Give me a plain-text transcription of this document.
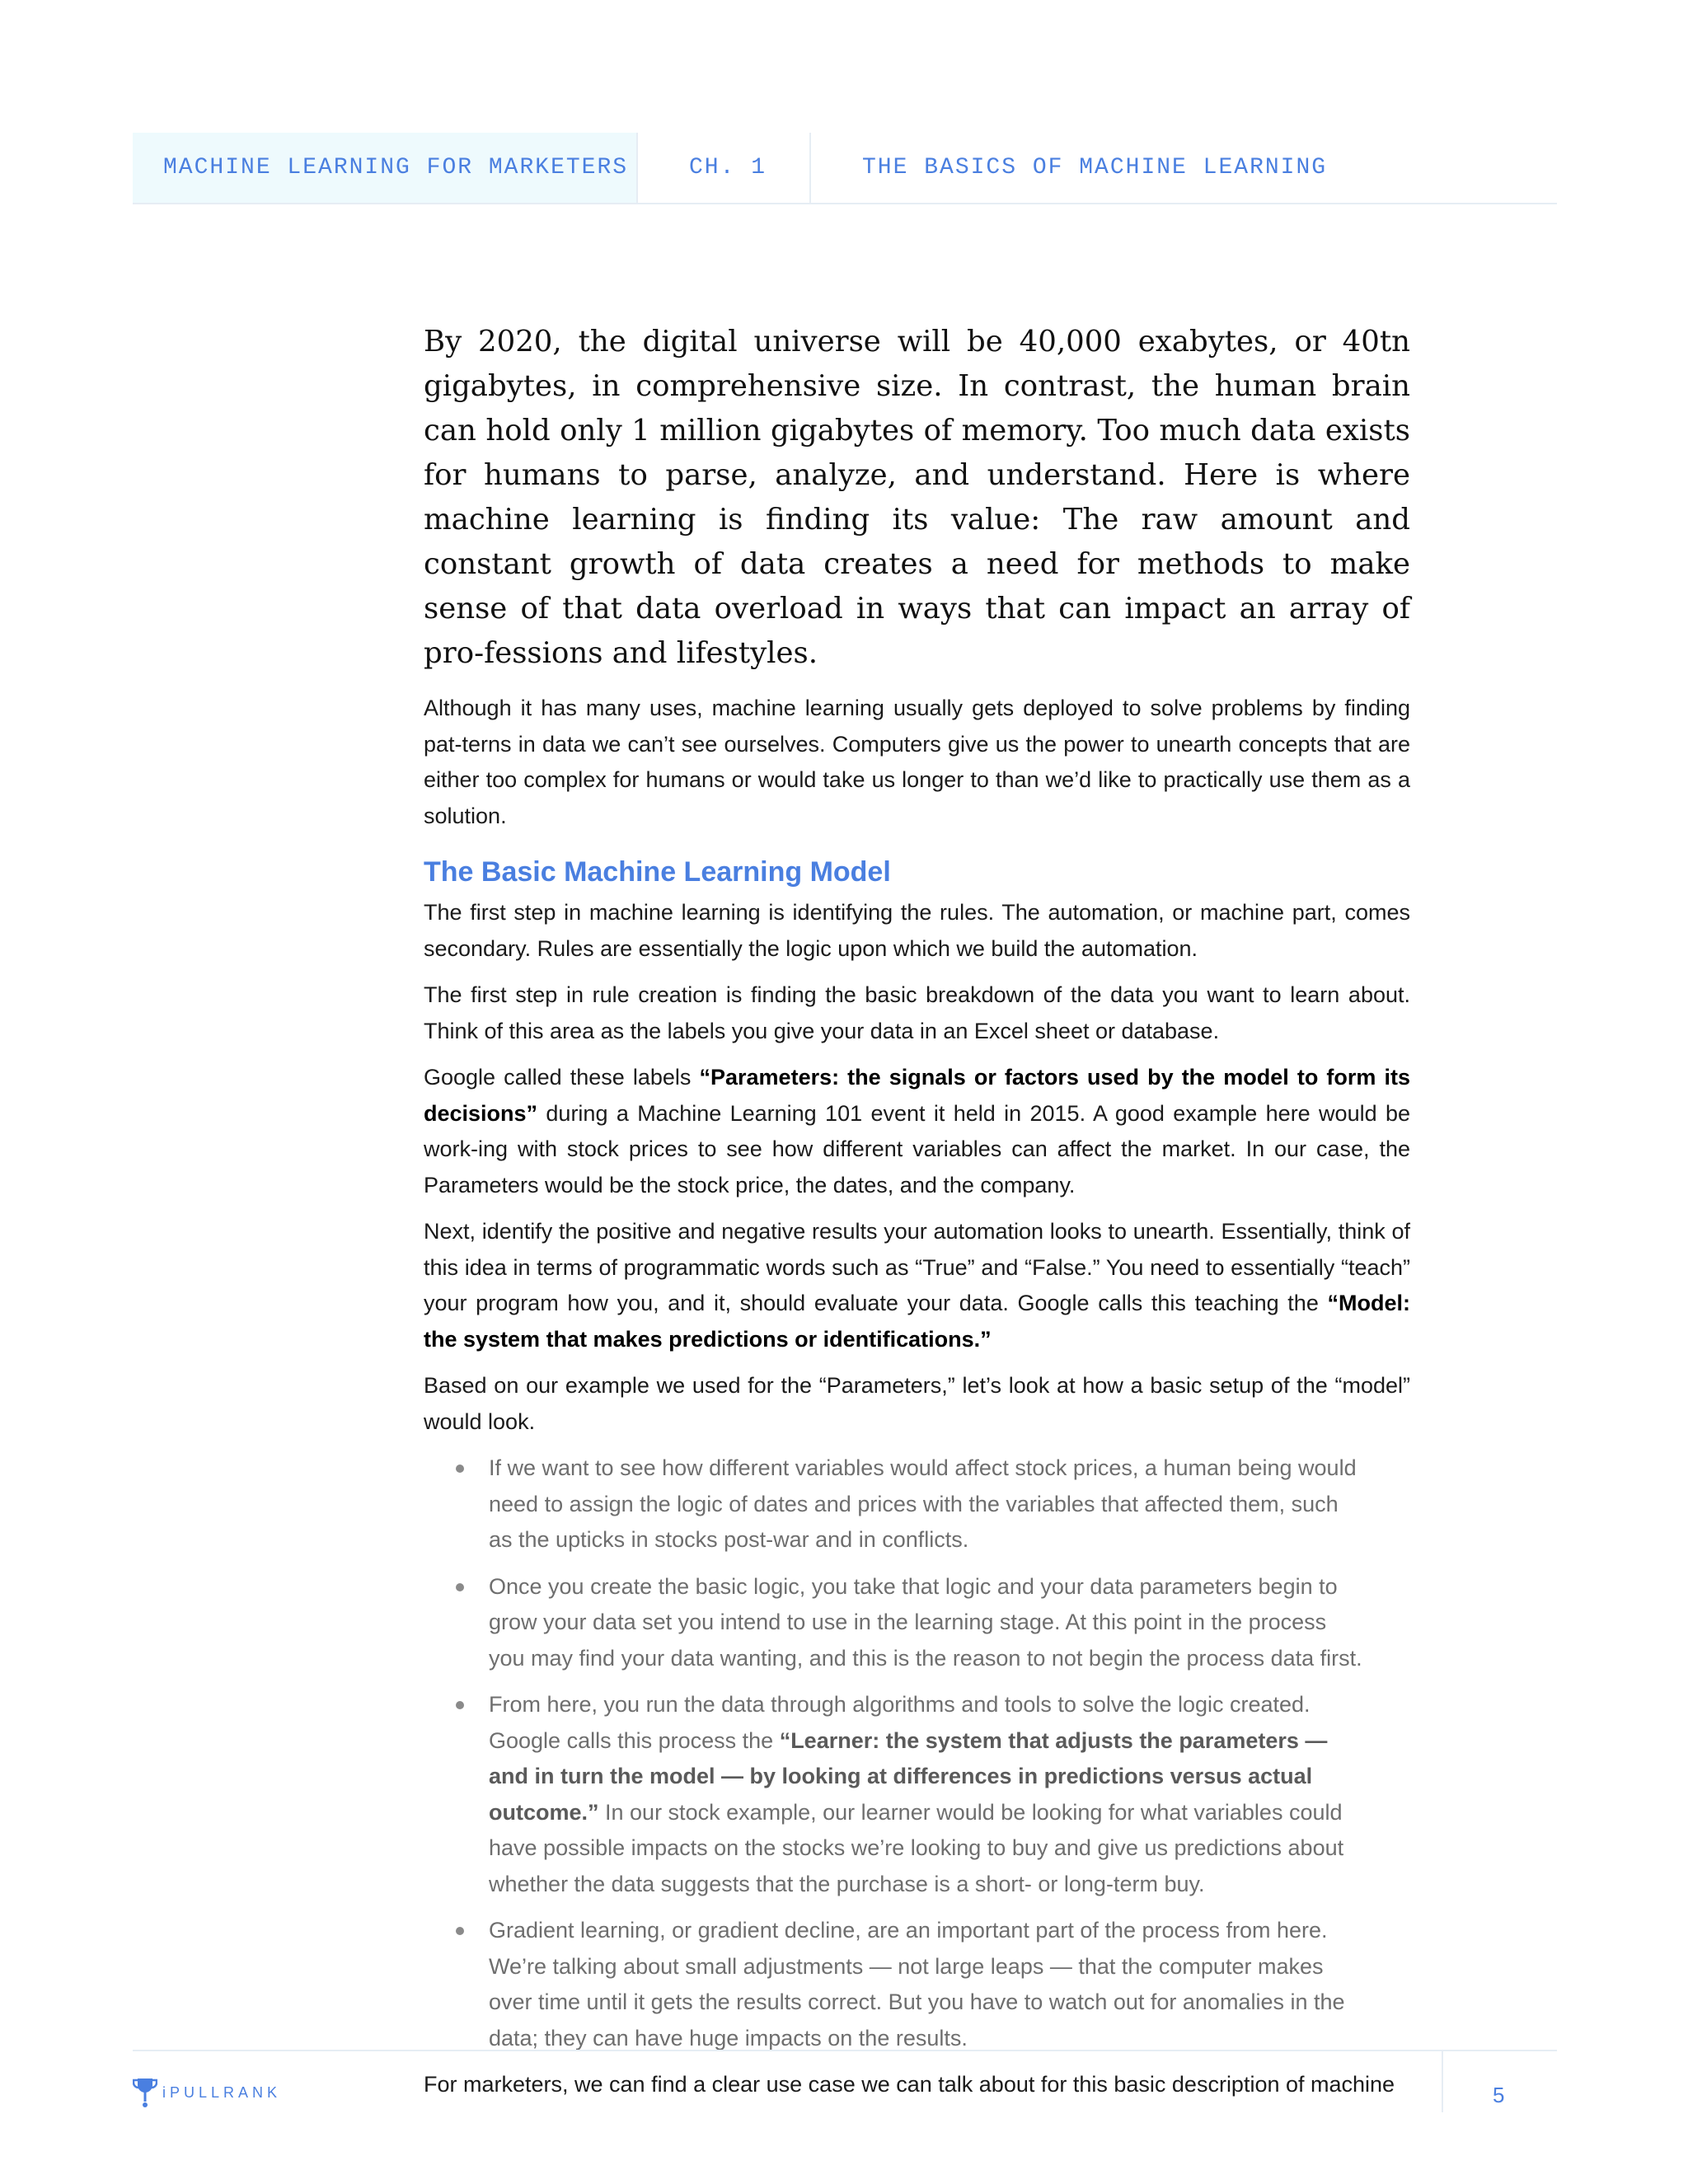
MACHINE LEARNING FOR MARKETERS	CH. 1	THE BASICS OF MACHINE LEARNING

By 2020, the digital universe will be 40,000 exabytes, or 40tn gigabytes, in comprehensive size. In contrast, the human brain can hold only 1 million gigabytes of memory. Too much data exists for humans to parse, analyze, and understand. Here is where machine learning is finding its value: The raw amount and constant growth of data creates a need for methods to make sense of that data overload in ways that can impact an array of pro-fessions and lifestyles.

Although it has many uses, machine learning usually gets deployed to solve problems by finding pat-terns in data we can’t see ourselves. Computers give us the power to unearth concepts that are either too complex for humans or would take us longer to than we’d like to practically use them as a solution.

The Basic Machine Learning Model

The first step in machine learning is identifying the rules. The automation, or machine part, comes secondary. Rules are essentially the logic upon which we build the automation.

The first step in rule creation is finding the basic breakdown of the data you want to learn about. Think of this area as the labels you give your data in an Excel sheet or database.

Google called these labels “Parameters: the signals or factors used by the model to form its decisions” during a Machine Learning 101 event it held in 2015. A good example here would be work-ing with stock prices to see how different variables can affect the market. In our case, the Parameters would be the stock price, the dates, and the company.

Next, identify the positive and negative results your automation looks to unearth. Essentially, think of this idea in terms of programmatic words such as “True” and “False.” You need to essentially “teach” your program how you, and it, should evaluate your data. Google calls this teaching the “Model: the system that makes predictions or identifications.”

Based on our example we used for the “Parameters,” let’s look at how a basic setup of the “model” would look.

If we want to see how different variables would affect stock prices, a human being would need to assign the logic of dates and prices with the variables that affected them, such as the upticks in stocks post-war and in conflicts.
Once you create the basic logic, you take that logic and your data parameters begin to grow your data set you intend to use in the learning stage. At this point in the process you may find your data wanting, and this is the reason to not begin the process data first.
From here, you run the data through algorithms and tools to solve the logic created. Google calls this process the “Learner: the system that adjusts the parameters — and in turn the model — by looking at differences in predictions versus actual outcome.” In our stock example, our learner would be looking for what variables could have possible impacts on the stocks we’re looking to buy and give us predictions about whether the data suggests that the purchase is a short- or long-term buy.
Gradient learning, or gradient decline, are an important part of the process from here. We’re talking about small adjustments — not large leaps — that the computer makes over time until it gets the results correct. But you have to watch out for anomalies in the data; they can have huge impacts on the results.

For marketers, we can find a clear use case we can talk about for this basic description of machine

iPULLRANK	5
